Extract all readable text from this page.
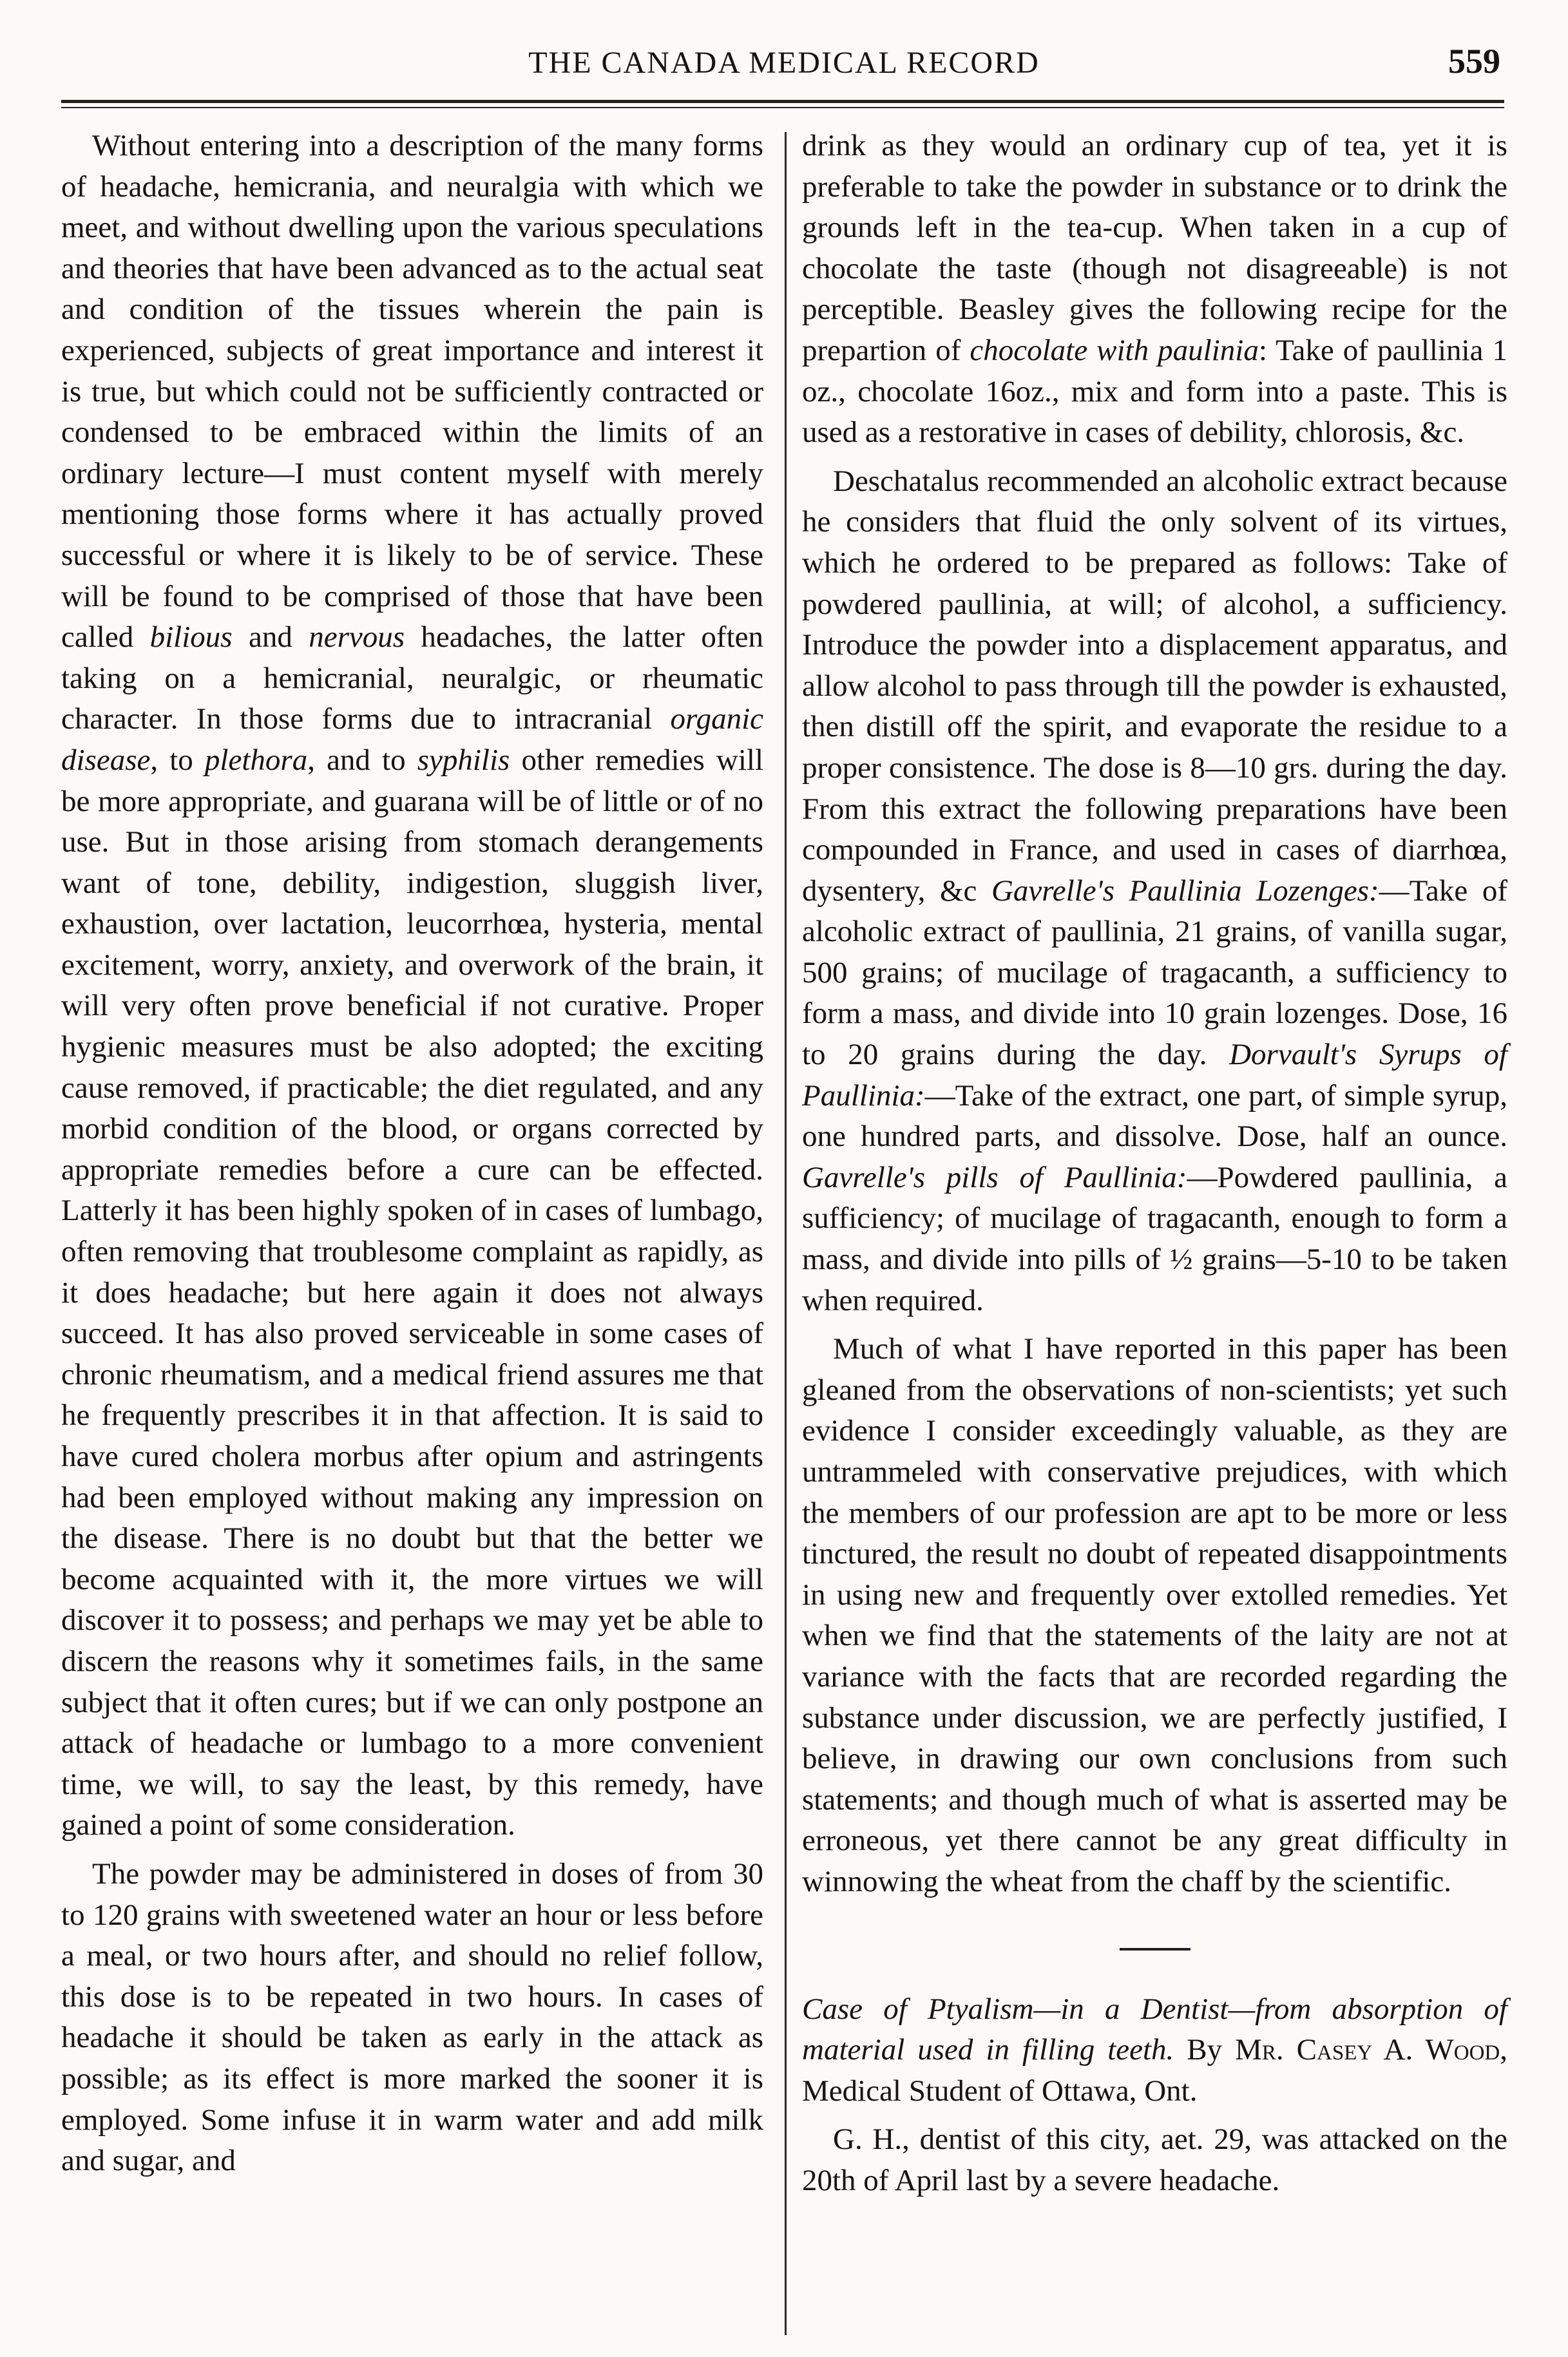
THE CANADA MEDICAL RECORD	559

Without entering into a description of the many forms of headache, hemicrania, and neuralgia with which we meet, and without dwelling upon the various speculations and theories that have been advanced as to the actual seat and condition of the tissues wherein the pain is experienced, subjects of great importance and interest it is true, but which could not be sufficiently contracted or condensed to be embraced within the limits of an ordinary lecture—I must content myself with merely mentioning those forms where it has actually proved successful or where it is likely to be of service. These will be found to be comprised of those that have been called bilious and nervous headaches, the latter often taking on a hemicranial, neuralgic, or rheumatic character. In those forms due to intracranial organic disease, to plethora, and to syphilis other remedies will be more appropriate, and guarana will be of little or of no use. But in those arising from stomach derangements want of tone, debility, indigestion, sluggish liver, exhaustion, over lactation, leucorrhœa, hysteria, mental excitement, worry, anxiety, and overwork of the brain, it will very often prove beneficial if not curative. Proper hygienic measures must be also adopted; the exciting cause removed, if practicable; the diet regulated, and any morbid condition of the blood, or organs corrected by appropriate remedies before a cure can be effected. Latterly it has been highly spoken of in cases of lumbago, often removing that troublesome complaint as rapidly, as it does headache; but here again it does not always succeed. It has also proved serviceable in some cases of chronic rheumatism, and a medical friend assures me that he frequently prescribes it in that affection. It is said to have cured cholera morbus after opium and astringents had been employed without making any impression on the disease. There is no doubt but that the better we become acquainted with it, the more virtues we will discover it to possess; and perhaps we may yet be able to discern the reasons why it sometimes fails, in the same subject that it often cures; but if we can only postpone an attack of headache or lumbago to a more convenient time, we will, to say the least, by this remedy, have gained a point of some consideration.

The powder may be administered in doses of from 30 to 120 grains with sweetened water an hour or less before a meal, or two hours after, and should no relief follow, this dose is to be repeated in two hours. In cases of headache it should be taken as early in the attack as possible; as its effect is more marked the sooner it is employed. Some infuse it in warm water and add milk and sugar, and

drink as they would an ordinary cup of tea, yet it is preferable to take the powder in substance or to drink the grounds left in the tea-cup. When taken in a cup of chocolate the taste (though not disagreeable) is not perceptible. Beasley gives the following recipe for the prepartion of chocolate with paulinia: Take of paullinia 1 oz., chocolate 16oz., mix and form into a paste. This is used as a restorative in cases of debility, chlorosis, &c.

Deschatalus recommended an alcoholic extract because he considers that fluid the only solvent of its virtues, which he ordered to be prepared as follows: Take of powdered paullinia, at will; of alcohol, a sufficiency. Introduce the powder into a displacement apparatus, and allow alcohol to pass through till the powder is exhausted, then distill off the spirit, and evaporate the residue to a proper consistence. The dose is 8—10 grs. during the day. From this extract the following preparations have been compounded in France, and used in cases of diarrhœa, dysentery, &c Gavrelle's Paullinia Lozenges:—Take of alcoholic extract of paullinia, 21 grains, of vanilla sugar, 500 grains; of mucilage of tragacanth, a sufficiency to form a mass, and divide into 10 grain lozenges. Dose, 16 to 20 grains during the day. Dorvault's Syrups of Paullinia:—Take of the extract, one part, of simple syrup, one hundred parts, and dissolve. Dose, half an ounce. Gavrelle's pills of Paullinia:—Powdered paullinia, a sufficiency; of mucilage of tragacanth, enough to form a mass, and divide into pills of ½ grains—5-10 to be taken when required.

Much of what I have reported in this paper has been gleaned from the observations of non-scientists; yet such evidence I consider exceedingly valuable, as they are untrammeled with conservative prejudices, with which the members of our profession are apt to be more or less tinctured, the result no doubt of repeated disappointments in using new and frequently over extolled remedies. Yet when we find that the statements of the laity are not at variance with the facts that are recorded regarding the substance under discussion, we are perfectly justified, I believe, in drawing our own conclusions from such statements; and though much of what is asserted may be erroneous, yet there cannot be any great difficulty in winnowing the wheat from the chaff by the scientific.

Case of Ptyalism—in a Dentist—from absorption of material used in filling teeth. By Mr. Casey A. Wood, Medical Student of Ottawa, Ont.

G. H., dentist of this city, aet. 29, was attacked on the 20th of April last by a severe headache.
